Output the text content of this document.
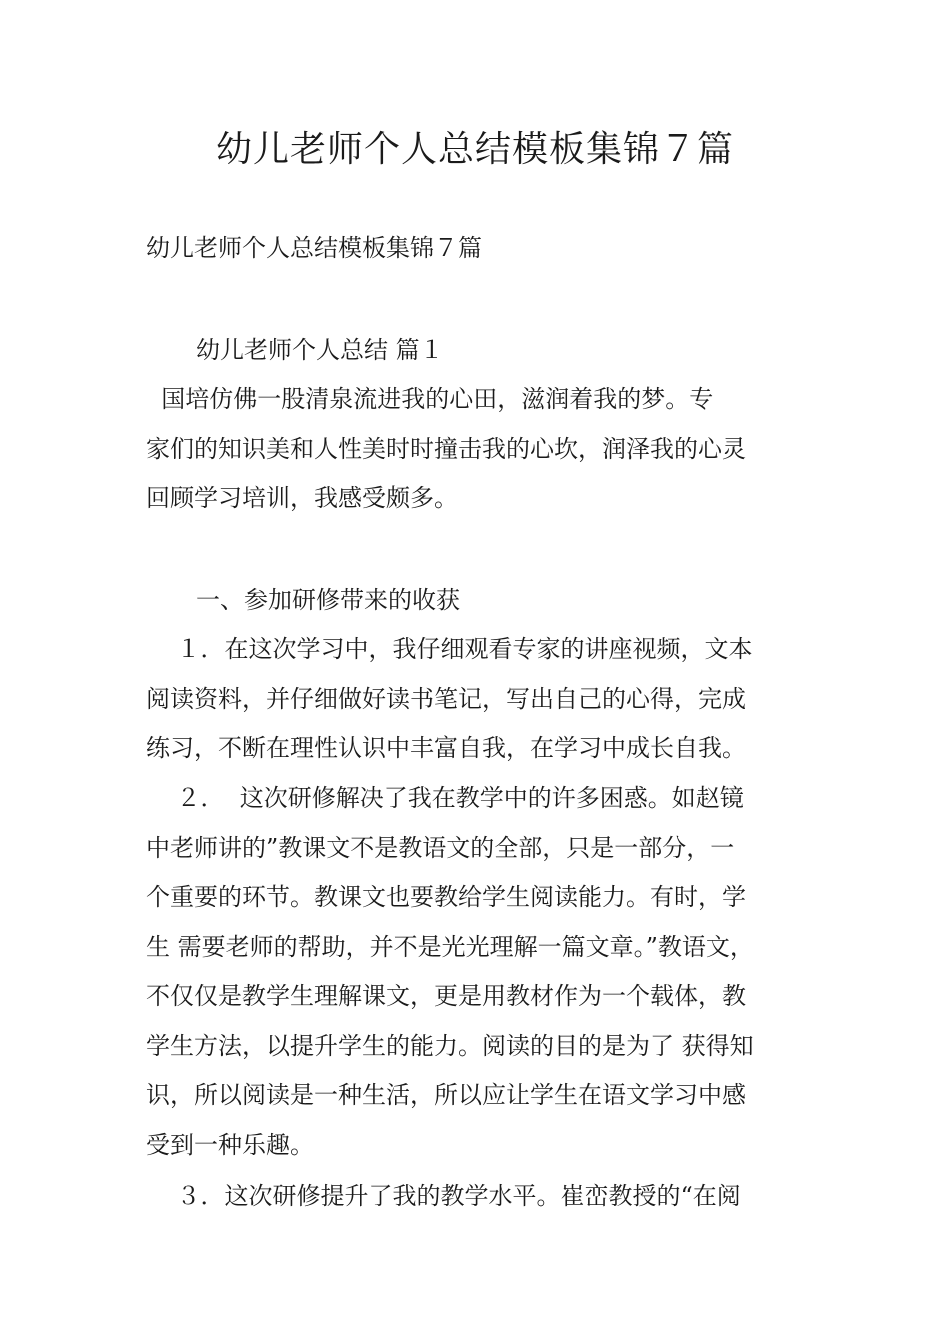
幼儿老师个人总结模板集锦７篇
幼儿老师个人总结模板集锦７篇
幼儿老师个人总结 篇１
国培仿佛一股清泉流进我的心田，滋润着我的梦。专
家们的知识美和人性美时时撞击我的心坎，润泽我的心灵
回顾学习培训，我感受颇多。
一、参加研修带来的收获
１．在这次学习中，我仔细观看专家的讲座视频，文本
阅读资料，并仔细做好读书笔记，写出自己的心得，完成
练习，不断在理性认识中丰富自我，在学习中成长自我。
２．  这次研修解决了我在教学中的许多困惑。如赵镜
中老师讲的”教课文不是教语文的全部，只是一部分，一
个重要的环节。教课文也要教给学生阅读能力。有时，学
生 需要老师的帮助，并不是光光理解一篇文章。”教语文，
不仅仅是教学生理解课文，更是用教材作为一个载体，教
学生方法，以提升学生的能力。阅读的目的是为了 获得知
识，所以阅读是一种生活，所以应让学生在语文学习中感
受到一种乐趣。
３．这次研修提升了我的教学水平。崔峦教授的“在阅
